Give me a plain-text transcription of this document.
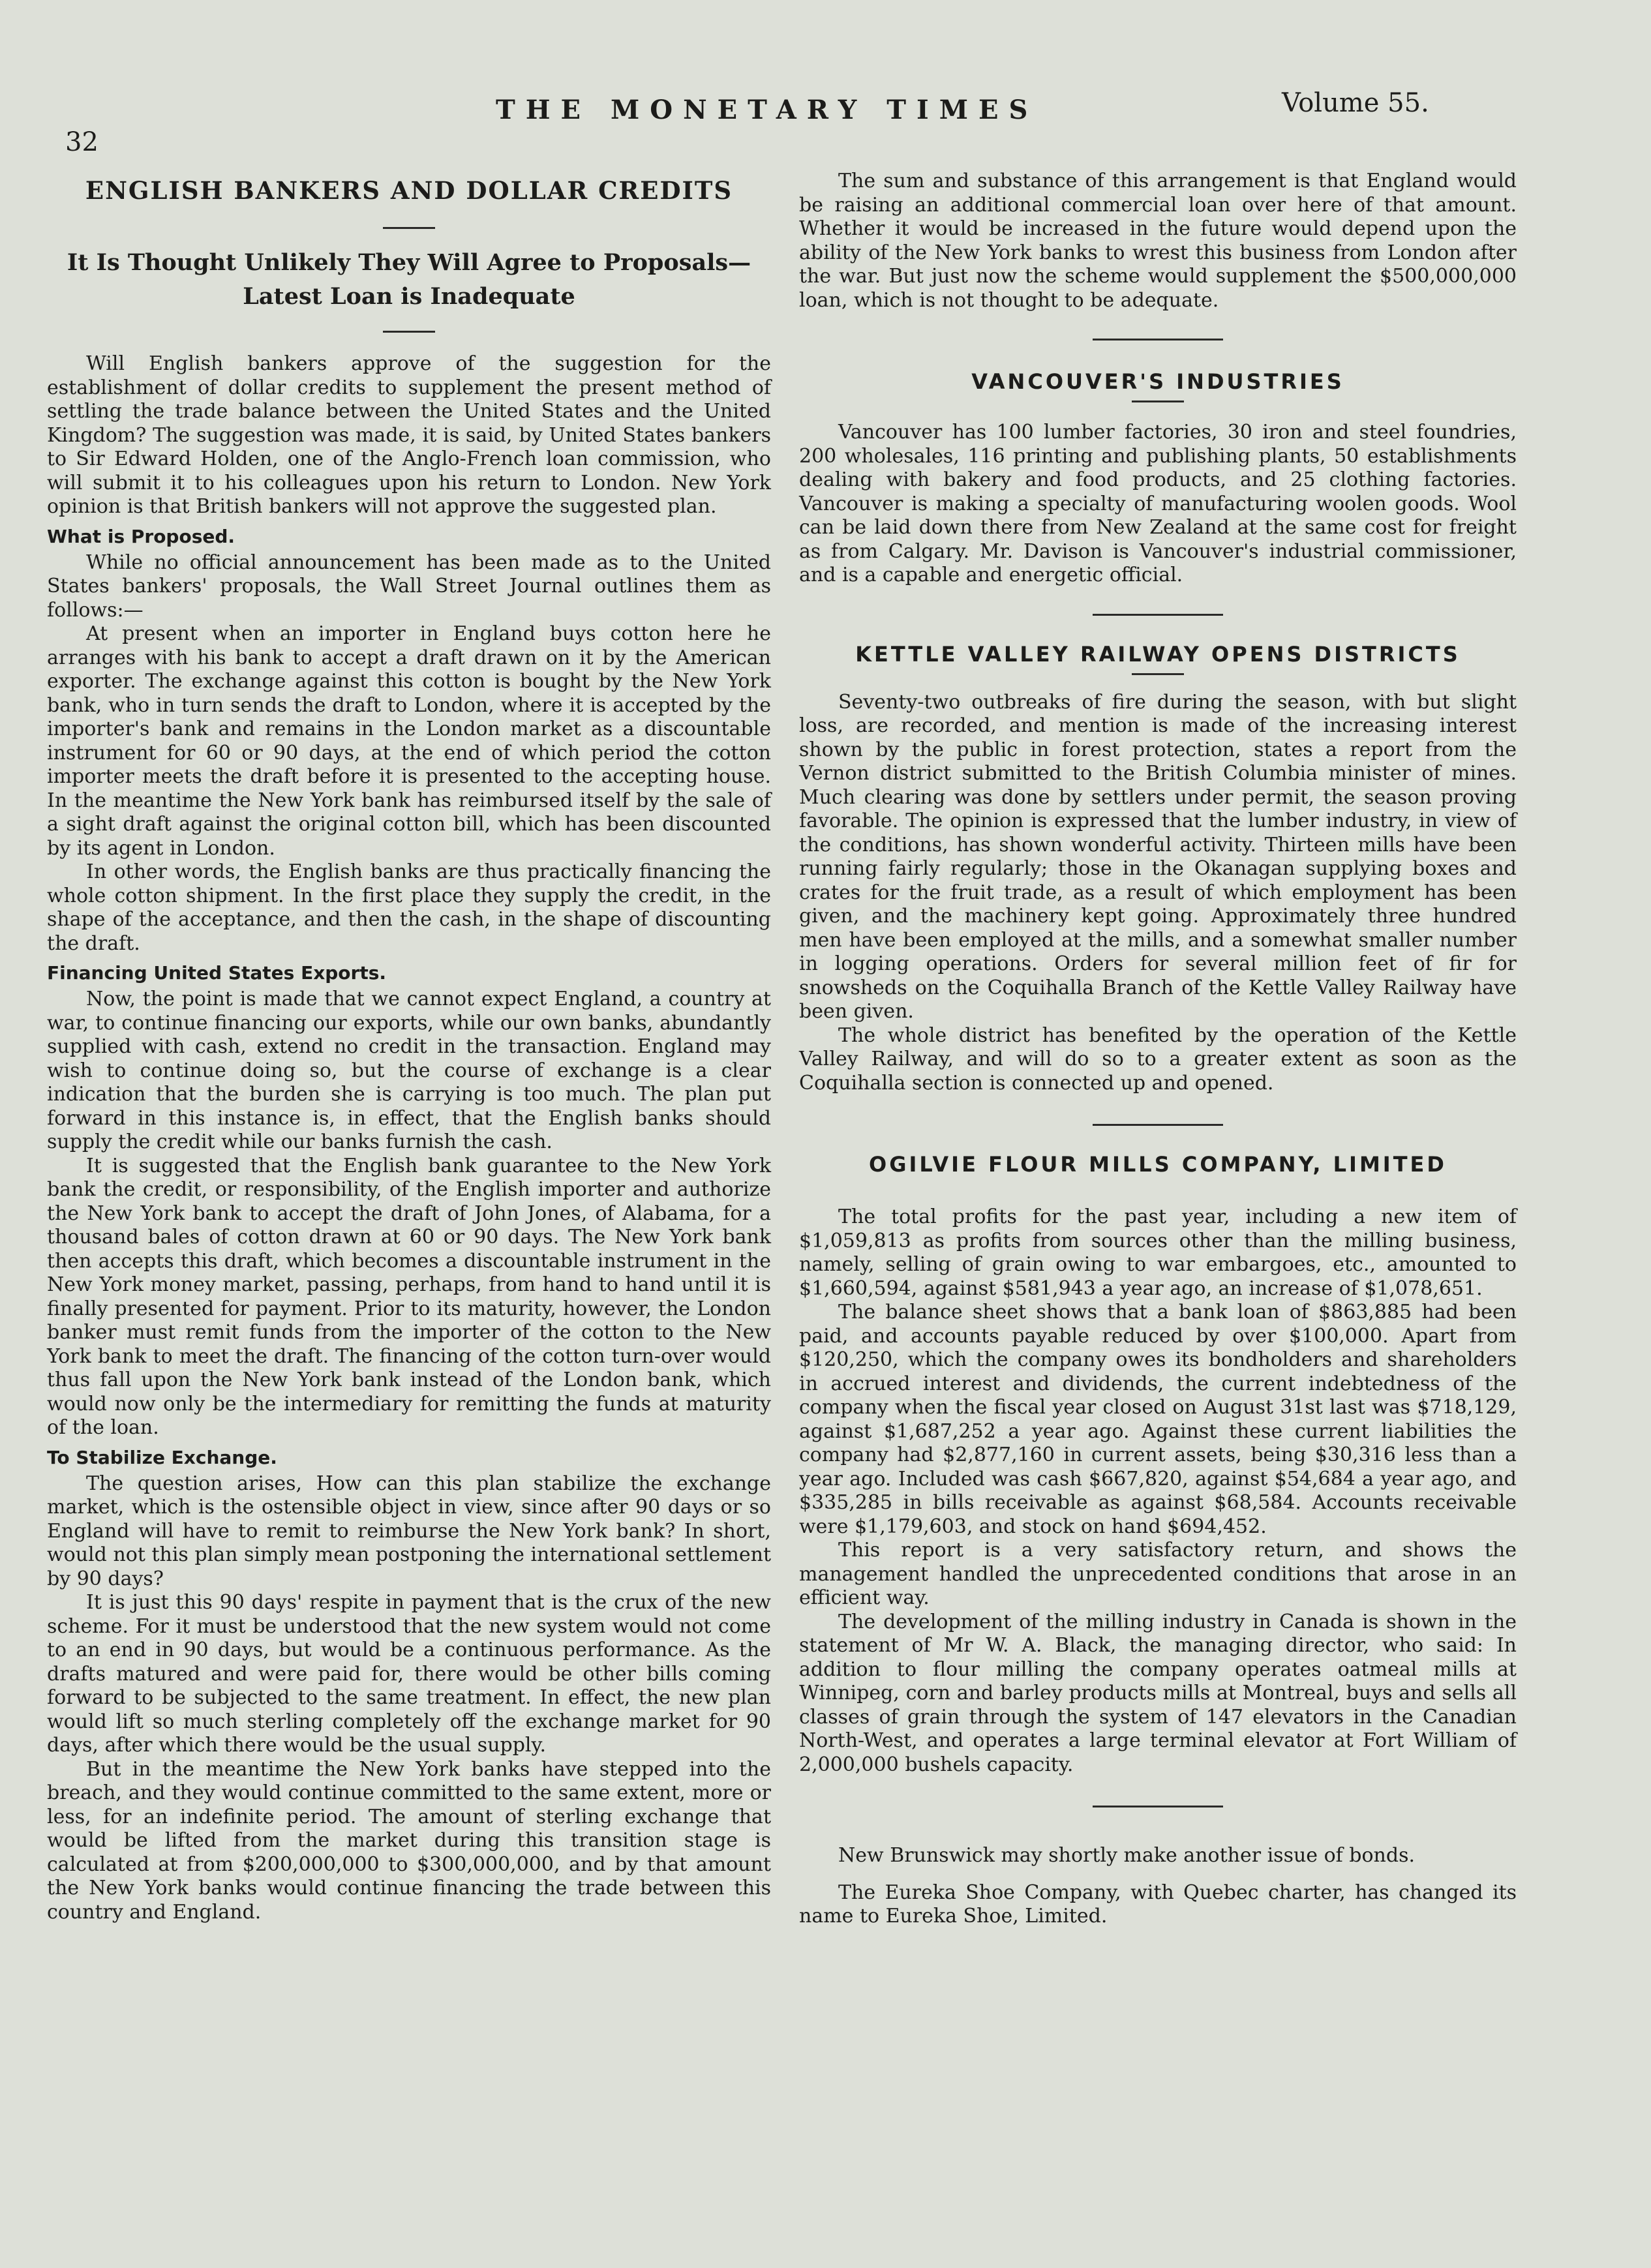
32
THE MONETARY TIMES	Volume 55.
ENGLISH BANKERS AND DOLLAR CREDITS
It Is Thought Unlikely They Will Agree to Proposals—
Latest Loan is Inadequate

Will English bankers approve of the suggestion for the establishment of dollar credits to supplement the present method of settling the trade balance between the United States and the United Kingdom? The suggestion was made, it is said, by United States bankers to Sir Edward Holden, one of the Anglo-French loan commission, who will submit it to his colleagues upon his return to London. New York opinion is that British bankers will not approve the suggested plan.

What is Proposed.

While no official announcement has been made as to the United States bankers' proposals, the Wall Street Journal outlines them as follows:—

At present when an importer in England buys cotton here he arranges with his bank to accept a draft drawn on it by the American exporter. The exchange against this cotton is bought by the New York bank, who in turn sends the draft to London, where it is accepted by the importer's bank and remains in the London market as a discountable instrument for 60 or 90 days, at the end of which period the cotton importer meets the draft before it is presented to the accepting house. In the meantime the New York bank has reimbursed itself by the sale of a sight draft against the original cotton bill, which has been discounted by its agent in London.

In other words, the English banks are thus practically financing the whole cotton shipment. In the first place they supply the credit, in the shape of the acceptance, and then the cash, in the shape of discounting the draft.

Financing United States Exports.

Now, the point is made that we cannot expect England, a country at war, to continue financing our exports, while our own banks, abundantly supplied with cash, extend no credit in the transaction. England may wish to continue doing so, but the course of exchange is a clear indication that the burden she is carrying is too much. The plan put forward in this instance is, in effect, that the English banks should supply the credit while our banks furnish the cash.

It is suggested that the English bank guarantee to the New York bank the credit, or responsibility, of the English importer and authorize the New York bank to accept the draft of John Jones, of Alabama, for a thousand bales of cotton drawn at 60 or 90 days. The New York bank then accepts this draft, which becomes a discountable instrument in the New York money market, passing, perhaps, from hand to hand until it is finally presented for payment. Prior to its maturity, however, the London banker must remit funds from the importer of the cotton to the New York bank to meet the draft. The financing of the cotton turn-over would thus fall upon the New York bank instead of the London bank, which would now only be the intermediary for remitting the funds at maturity of the loan.

To Stabilize Exchange.

The question arises, How can this plan stabilize the exchange market, which is the ostensible object in view, since after 90 days or so England will have to remit to reimburse the New York bank? In short, would not this plan simply mean postponing the international settlement by 90 days?

It is just this 90 days' respite in payment that is the crux of the new scheme. For it must be understood that the new system would not come to an end in 90 days, but would be a continuous performance. As the drafts matured and were paid for, there would be other bills coming forward to be subjected to the same treatment. In effect, the new plan would lift so much sterling completely off the exchange market for 90 days, after which there would be the usual supply.

But in the meantime the New York banks have stepped into the breach, and they would continue committed to the same extent, more or less, for an indefinite period. The amount of sterling exchange that would be lifted from the market during this transition stage is calculated at from $200,000,000 to $300,000,000, and by that amount the New York banks would continue financing the trade between this country and England.

The sum and substance of this arrangement is that England would be raising an additional commercial loan over here of that amount. Whether it would be increased in the future would depend upon the ability of the New York banks to wrest this business from London after the war. But just now the scheme would supplement the $500,000,000 loan, which is not thought to be adequate.

VANCOUVER'S INDUSTRIES

Vancouver has 100 lumber factories, 30 iron and steel foundries, 200 wholesales, 116 printing and publishing plants, 50 establishments dealing with bakery and food products, and 25 clothing factories. Vancouver is making a specialty of manufacturing woolen goods. Wool can be laid down there from New Zealand at the same cost for freight as from Calgary. Mr. Davison is Vancouver's industrial commissioner, and is a capable and energetic official.

KETTLE VALLEY RAILWAY OPENS DISTRICTS

Seventy-two outbreaks of fire during the season, with but slight loss, are recorded, and mention is made of the increasing interest shown by the public in forest protection, states a report from the Vernon district submitted to the British Columbia minister of mines. Much clearing was done by settlers under permit, the season proving favorable. The opinion is expressed that the lumber industry, in view of the conditions, has shown wonderful activity. Thirteen mills have been running fairly regularly; those in the Okanagan supplying boxes and crates for the fruit trade, as a result of which employment has been given, and the machinery kept going. Approximately three hundred men have been employed at the mills, and a somewhat smaller number in logging operations. Orders for several million feet of fir for snowsheds on the Coquihalla Branch of the Kettle Valley Railway have been given.

The whole district has benefited by the operation of the Kettle Valley Railway, and will do so to a greater extent as soon as the Coquihalla section is connected up and opened.

OGILVIE FLOUR MILLS COMPANY, LIMITED

The total profits for the past year, including a new item of $1,059,813 as profits from sources other than the milling business, namely, selling of grain owing to war embargoes, etc., amounted to $1,660,594, against $581,943 a year ago, an increase of $1,078,651.

The balance sheet shows that a bank loan of $863,885 had been paid, and accounts payable reduced by over $100,000. Apart from $120,250, which the company owes its bondholders and shareholders in accrued interest and dividends, the current indebtedness of the company when the fiscal year closed on August 31st last was $718,129, against $1,687,252 a year ago. Against these current liabilities the company had $2,877,160 in current assets, being $30,316 less than a year ago. Included was cash $667,820, against $54,684 a year ago, and $335,285 in bills receivable as against $68,584. Accounts receivable were $1,179,603, and stock on hand $694,452.

This report is a very satisfactory return, and shows the management handled the unprecedented conditions that arose in an efficient way.

The development of the milling industry in Canada is shown in the statement of Mr W. A. Black, the managing director, who said: In addition to flour milling the company operates oatmeal mills at Winnipeg, corn and barley products mills at Montreal, buys and sells all classes of grain through the system of 147 elevators in the Canadian North-West, and operates a large terminal elevator at Fort William of 2,000,000 bushels capacity.

New Brunswick may shortly make another issue of bonds.

The Eureka Shoe Company, with Quebec charter, has changed its name to Eureka Shoe, Limited.
